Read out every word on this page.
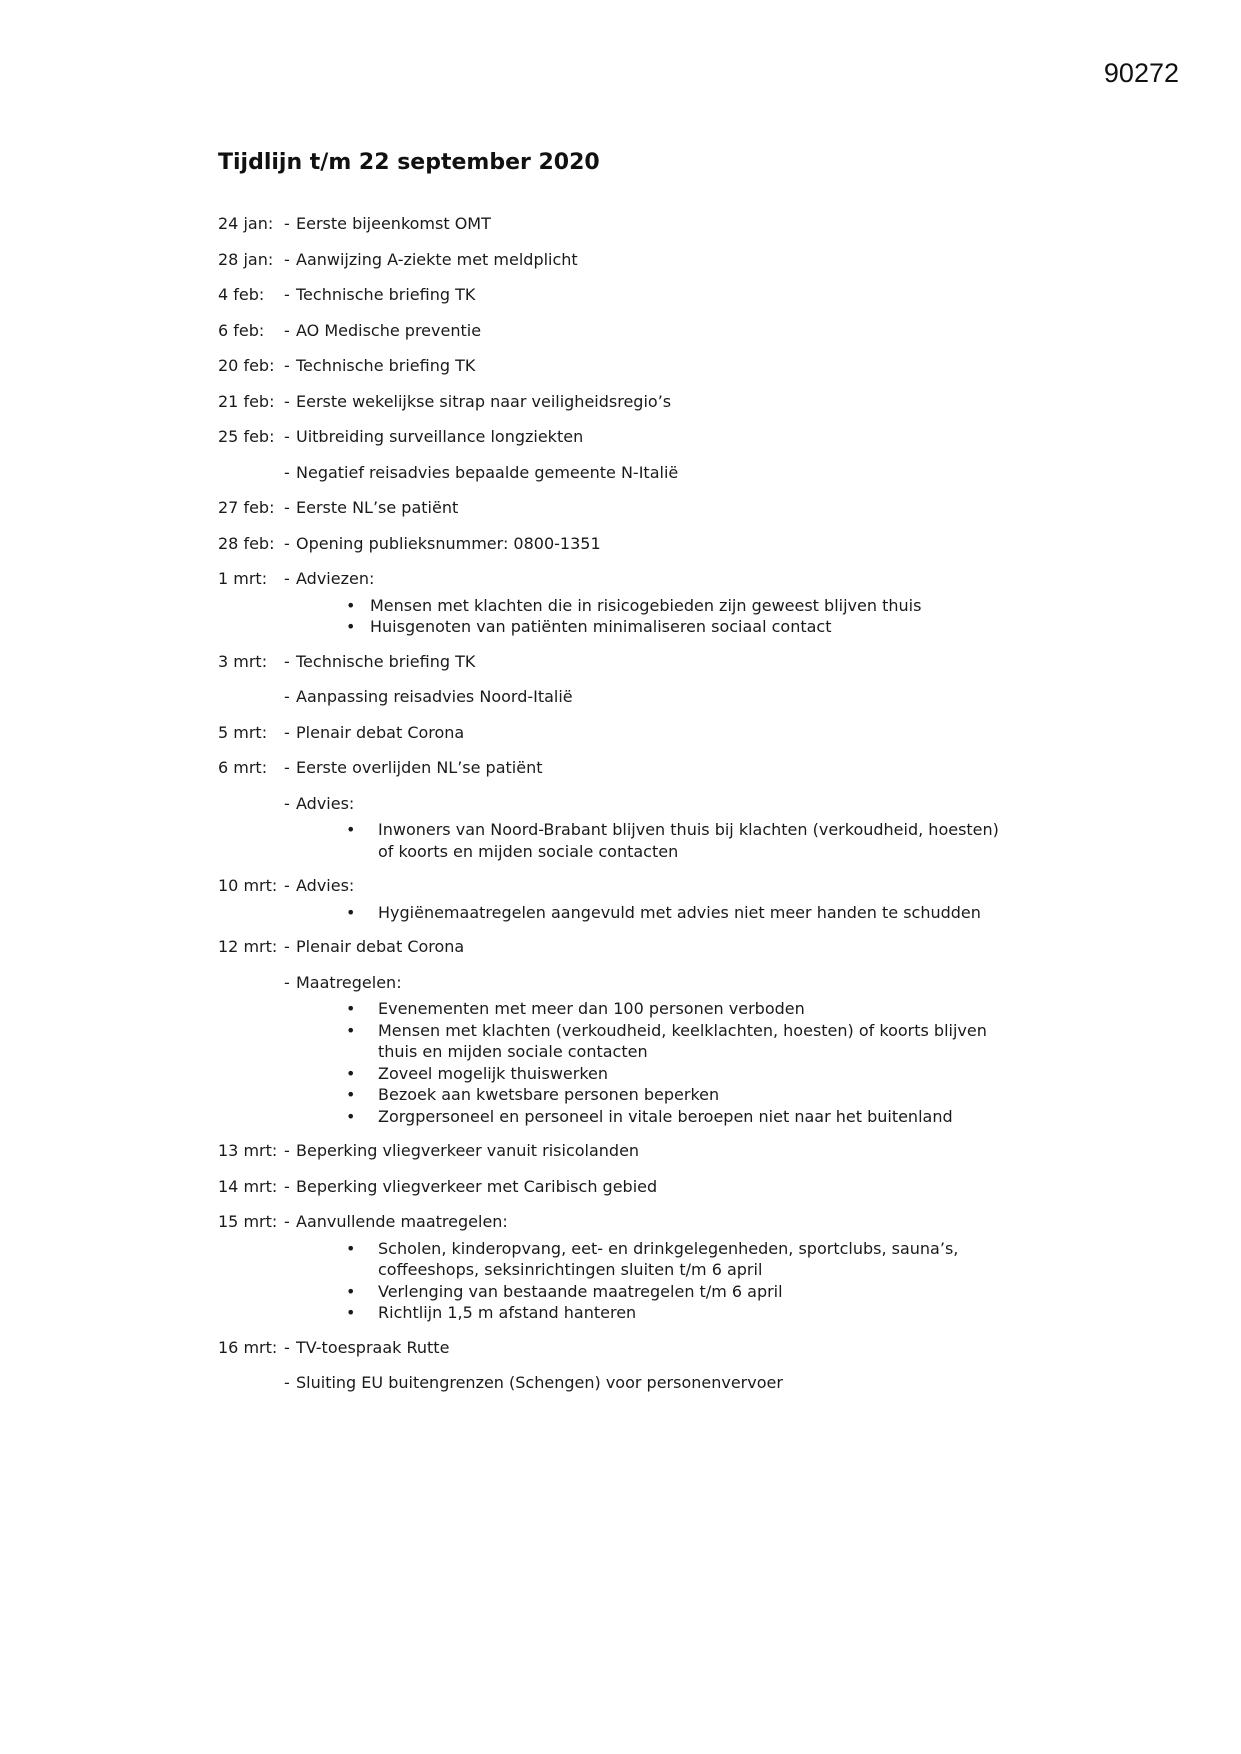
90272
Tijdlijn t/m 22 september 2020
24 jan: - Eerste bijeenkomst OMT
28 jan: - Aanwijzing A-ziekte met meldplicht
4 feb: - Technische briefing TK
6 feb: - AO Medische preventie
20 feb: - Technische briefing TK
21 feb: - Eerste wekelijkse sitrap naar veiligheidsregio’s
25 feb: - Uitbreiding surveillance longziekten
- Negatief reisadvies bepaalde gemeente N-Italië
27 feb: - Eerste NL’se patiënt
28 feb: - Opening publieksnummer: 0800-1351
1 mrt: - Adviezen:
• Mensen met klachten die in risicogebieden zijn geweest blijven thuis
• Huisgenoten van patiënten minimaliseren sociaal contact
3 mrt: - Technische briefing TK
- Aanpassing reisadvies Noord-Italië
5 mrt: - Plenair debat Corona
6 mrt: - Eerste overlijden NL’se patiënt
- Advies:
• Inwoners van Noord-Brabant blijven thuis bij klachten (verkoudheid, hoesten) of koorts en mijden sociale contacten
10 mrt: - Advies:
• Hygiënemaatregelen aangevuld met advies niet meer handen te schudden
12 mrt: - Plenair debat Corona
- Maatregelen:
• Evenementen met meer dan 100 personen verboden
• Mensen met klachten (verkoudheid, keelklachten, hoesten) of koorts blijven thuis en mijden sociale contacten
• Zoveel mogelijk thuiswerken
• Bezoek aan kwetsbare personen beperken
• Zorgpersoneel en personeel in vitale beroepen niet naar het buitenland
13 mrt: - Beperking vliegverkeer vanuit risicolanden
14 mrt: - Beperking vliegverkeer met Caribisch gebied
15 mrt: - Aanvullende maatregelen:
• Scholen, kinderopvang, eet- en drinkgelegenheden, sportclubs, sauna’s, coffeeshops, seksinrichtingen sluiten t/m 6 april
• Verlenging van bestaande maatregelen t/m 6 april
• Richtlijn 1,5 m afstand hanteren
16 mrt: - TV-toespraak Rutte
- Sluiting EU buitengrenzen (Schengen) voor personenvervoer
